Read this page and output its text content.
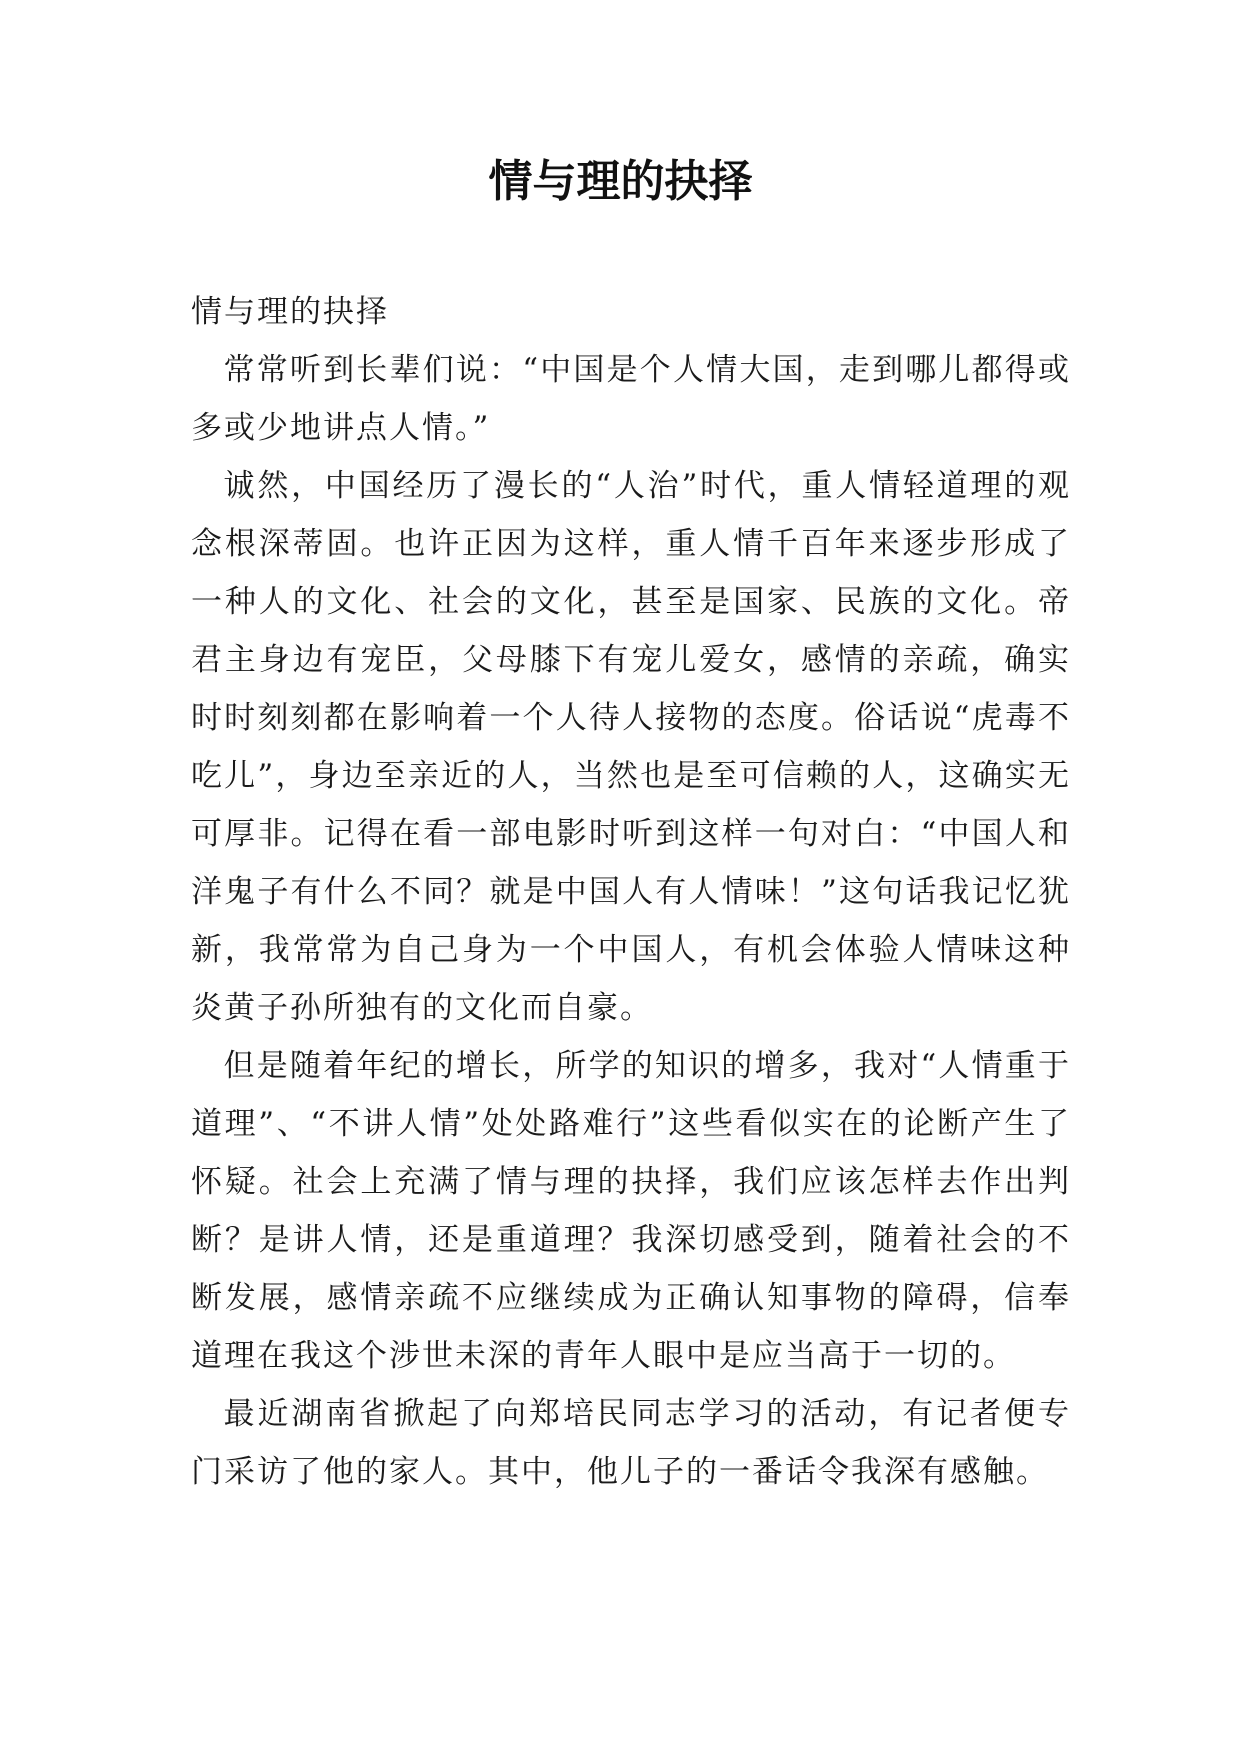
情与理的抉择

情与理的抉择

常常听到长辈们说：“中国是个人情大国，走到哪儿都得或多或少地讲点人情。”

诚然，中国经历了漫长的“人治”时代，重人情轻道理的观念根深蒂固。也许正因为这样，重人情千百年来逐步形成了一种人的文化、社会的文化，甚至是国家、民族的文化。帝君主身边有宠臣，父母膝下有宠儿爱女，感情的亲疏，确实时时刻刻都在影响着一个人待人接物的态度。俗话说“虎毒不吃儿”，身边至亲近的人，当然也是至可信赖的人，这确实无可厚非。记得在看一部电影时听到这样一句对白：“中国人和洋鬼子有什么不同？就是中国人有人情味！”这句话我记忆犹新，我常常为自己身为一个中国人，有机会体验人情味这种炎黄子孙所独有的文化而自豪。

但是随着年纪的增长，所学的知识的增多，我对“人情重于道理”、“不讲人情”处处路难行”这些看似实在的论断产生了怀疑。社会上充满了情与理的抉择，我们应该怎样去作出判断？是讲人情，还是重道理？我深切感受到，随着社会的不断发展，感情亲疏不应继续成为正确认知事物的障碍，信奉道理在我这个涉世未深的青年人眼中是应当高于一切的。

最近湖南省掀起了向郑培民同志学习的活动，有记者便专门采访了他的家人。其中，他儿子的一番话令我深有感触。
